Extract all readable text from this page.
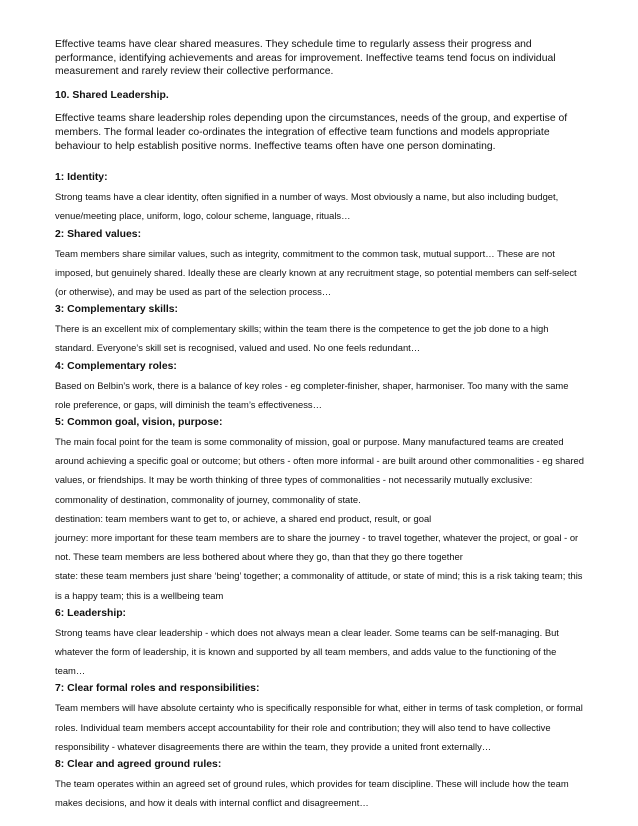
Effective teams have clear shared measures. They schedule time to regularly assess their progress and performance, identifying achievements and areas for improvement. Ineffective teams tend focus on individual measurement and rarely review their collective performance.

10. Shared Leadership.

Effective teams share leadership roles depending upon the circumstances, needs of the group, and expertise of members. The formal leader co-ordinates the integration of effective team functions and models appropriate behaviour to help establish positive norms. Ineffective teams often have one person dominating.

1: Identity:

Strong teams have a clear identity, often signified in a number of ways. Most obviously a name, but also including budget, venue/meeting place, uniform, logo, colour scheme, language, rituals…

2: Shared values:

Team members share similar values, such as integrity, commitment to the common task, mutual support… These are not imposed, but genuinely shared. Ideally these are clearly known at any recruitment stage, so potential members can self-select (or otherwise), and may be used as part of the selection process…

3: Complementary skills:

There is an excellent mix of complementary skills; within the team there is the competence to get the job done to a high standard. Everyone’s skill set is recognised, valued and used. No one feels redundant…

4: Complementary roles:

Based on Belbin’s work, there is a balance of key roles - eg completer-finisher, shaper, harmoniser. Too many with the same role preference, or gaps, will diminish the team’s effectiveness…

5: Common goal, vision, purpose:

The main focal point for the team is some commonality of mission, goal or purpose. Many manufactured teams are created around achieving a specific goal or outcome; but others - often more informal - are built around other commonalities - eg shared values, or friendships. It may be worth thinking of three types of commonalities - not necessarily mutually exclusive: commonality of destination, commonality of journey, commonality of state.

destination: team members want to get to, or achieve, a shared end product, result, or goal

journey: more important for these team members are to share the journey - to travel together, whatever the project, or goal - or not. These team members are less bothered about where they go, than that they go there together

state: these team members just share ‘being’ together; a commonality of attitude, or state of mind; this is a risk taking team; this is a happy team; this is a wellbeing team

6: Leadership:

Strong teams have clear leadership - which does not always mean a clear leader. Some teams can be self-managing. But whatever the form of leadership, it is known and supported by all team members, and adds value to the functioning of the team…

7: Clear formal roles and responsibilities:

Team members will have absolute certainty who is specifically responsible for what, either in terms of task completion, or formal roles. Individual team members accept accountability for their role and contribution; they will also tend to have collective responsibility - whatever disagreements there are within the team, they provide a united front externally…

8: Clear and agreed ground rules:

The team operates within an agreed set of ground rules, which provides for team discipline. These will include how the team makes decisions, and how it deals with internal conflict and disagreement…
